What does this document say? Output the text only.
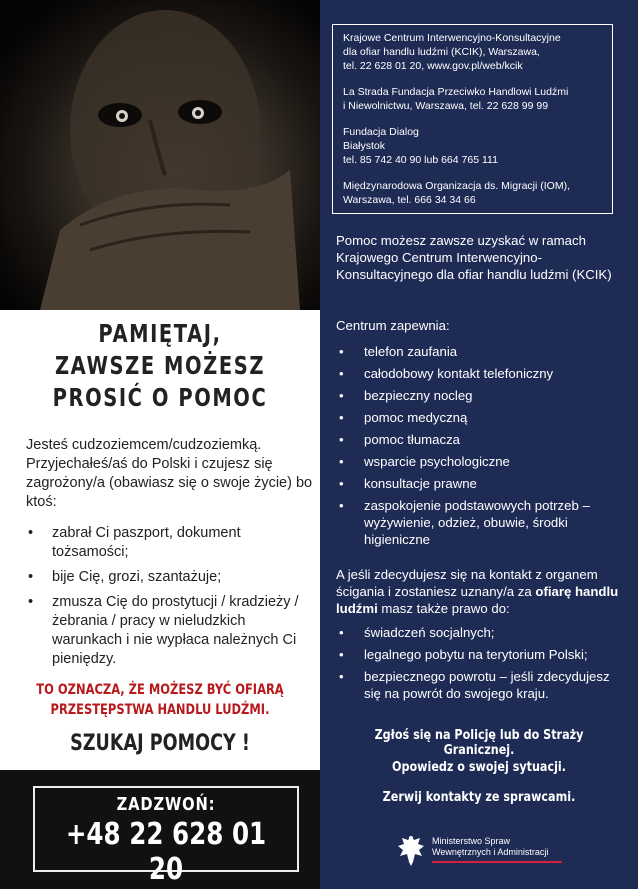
PAMIĘTAJ,
ZAWSZE MOŻESZ
PROSIĆ O POMOC
Jesteś cudzoziemcem/cudzoziemką. Przyjechałeś/aś do Polski i czujesz się zagrożony/a (obawiasz się o swoje życie) bo ktoś:
• zabrał Ci paszport, dokument tożsamości;
• bije Cię, grozi, szantażuje;
• zmusza Cię do prostytucji / kradzieży / żebrania / pracy w nieludzkich warunkach i nie wypłaca należnych Ci pieniędzy.
TO OZNACZA, ŻE MOŻESZ BYĆ OFIARĄ
PRZESTĘPSTWA HANDLU LUDŹMI.
SZUKAJ POMOCY !
ZADZWOŃ:
+48 22 628 01 20

Krajowe Centrum Interwencyjno-Konsultacyjne
dla ofiar handlu ludźmi (KCIK), Warszawa,
tel. 22 628 01 20, www.gov.pl/web/kcik

La Strada Fundacja Przeciwko Handlowi Ludźmi
i Niewolnictwu, Warszawa, tel. 22 628 99 99

Fundacja Dialog
Białystok
tel. 85 742 40 90 lub 664 765 111

Międzynarodowa Organizacja ds. Migracji (IOM),
Warszawa, tel. 666 34 34 66

Pomoc możesz zawsze uzyskać w ramach Krajowego Centrum Interwencyjno-Konsultacyjnego dla ofiar handlu ludźmi (KCIK)
Centrum zapewnia:
• telefon zaufania
• całodobowy kontakt telefoniczny
• bezpieczny nocleg
• pomoc medyczną
• pomoc tłumacza
• wsparcie psychologiczne
• konsultacje prawne
• zaspokojenie podstawowych potrzeb – wyżywienie, odzież, obuwie, środki higieniczne
A jeśli zdecydujesz się na kontakt z organem ścigania i zostaniesz uznany/a za ofiarę handlu ludźmi masz także prawo do:
• świadczeń socjalnych;
• legalnego pobytu na terytorium Polski;
• bezpiecznego powrotu – jeśli zdecydujesz się na powrót do swojego kraju.
Zgłoś się na Policję lub do Straży Granicznej.
Opowiedz o swojej sytuacji.
Zerwij kontakty ze sprawcami.
Ministerstwo Spraw
Wewnętrznych i Administracji
